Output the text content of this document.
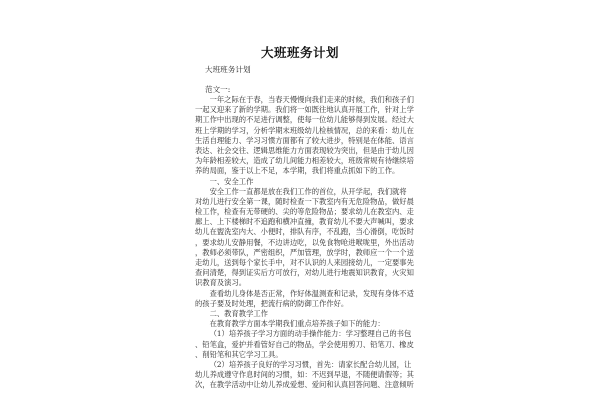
大班班务计划
大班班务计划
范文一:
一年之际在于春，当春天慢慢向我们走来的时候，我们和孩子们
一起又迎来了新的学期。我们将一如既往地认真开展工作，针对上学
期工作中出现的不足进行调整，使每一位幼儿能够得到发展。经过大
班上学期的学习，分析学期末班级幼儿检核情况，总的来看：幼儿在
生活自理能力、学习习惯方面都有了较大进步，特别是在体能、语言
表达、社会交往、逻辑思维能力方面表现较为突出，但是由于幼儿因
为年龄相差较大，造成了幼儿间能力相差较大，班级常规有待继续培
养的局面，鉴于以上不足，本学期，我们将重点抓如下的工作。
一、安全工作
安全工作一直都是放在我们工作的首位，从开学起，我们就将
对幼儿进行安全第一课，随时检查一下教室内有无危险物品，做好晨
检工作，检查有无带硬的、尖的等危险物品；要求幼儿在教室内、走
廊上、上下楼梯时不追跑和横冲直撞，教育幼儿不要大声喊叫，要求
幼儿在盥洗室内大、小便时，排队有序，不乱跑，当心滑倒，吃饭时
，要求幼儿安静用餐，不边讲边吃，以免食物呛进喉咙里，外出活动
，教师必须带队，严密组织，严加管理，放学时，教师应一个一个送
走幼儿，送到每个家长手中，对不认识的人来园接幼儿，一定要事先
查问清楚，得到证实后方可放行，对幼儿进行地震知识教育，火灾知
识教育及演习。
查看幼儿身体是否正常，作好体温测查和记录，发现有身体不适
的孩子要及时处理，把流行病的防御工作作好。
二、教育教学工作
在教育教学方面本学期我们重点培养孩子如下的能力：
（1）培养孩子学习方面的动手操作能力：学习整理自己的书包
、铅笔盒，爱护并看管好自己的物品，学会使用剪刀、铅笔刀、橡皮
、削铅笔和其它学习工具。
（2）培养孩子良好的学习习惯，首先：请家长配合幼儿园，让
幼儿养成遵守作息时间的习惯，如：不迟到早退，不随便请假等；其
次，在教学活动中让幼儿养成爱想、爱问和认真回答问题、注意倾听
